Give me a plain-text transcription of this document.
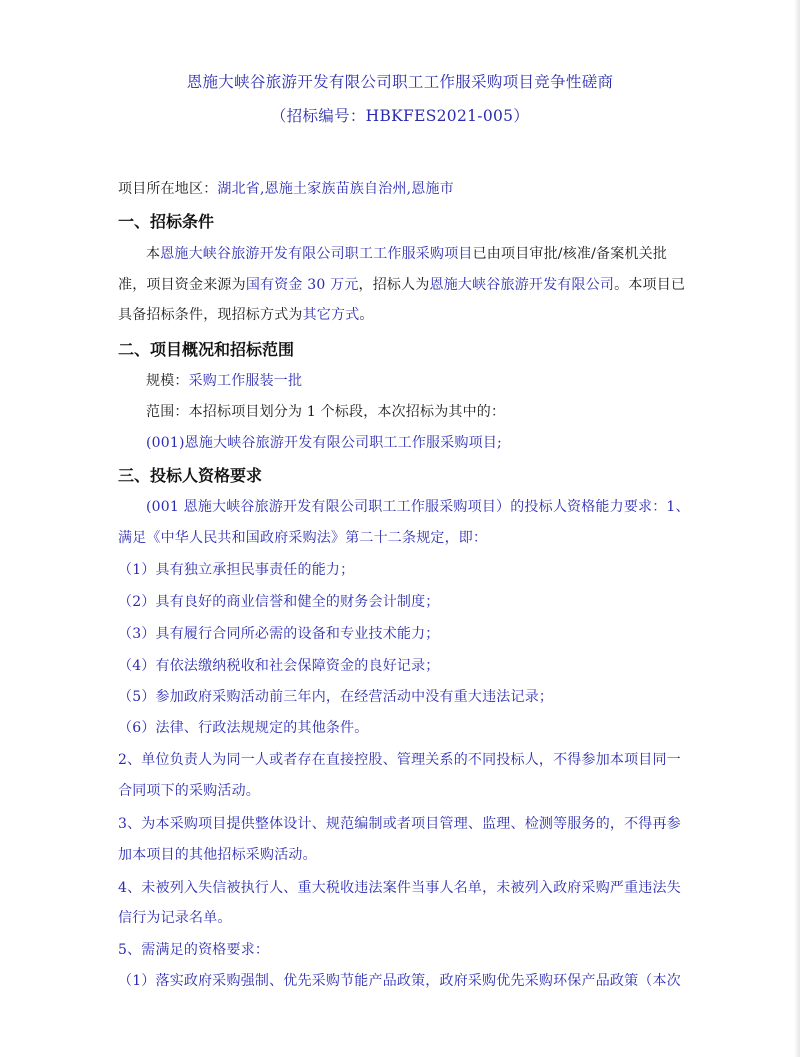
恩施大峡谷旅游开发有限公司职工工作服采购项目竞争性磋商
（招标编号：HBKFES2021-005）
项目所在地区：湖北省,恩施土家族苗族自治州,恩施市
一、招标条件
本恩施大峡谷旅游开发有限公司职工工作服采购项目已由项目审批/核准/备案机关批
准，项目资金来源为国有资金 30 万元，招标人为恩施大峡谷旅游开发有限公司。本项目已
具备招标条件，现招标方式为其它方式。
二、项目概况和招标范围
规模：采购工作服装一批
范围：本招标项目划分为 1 个标段，本次招标为其中的：
(001)恩施大峡谷旅游开发有限公司职工工作服采购项目;
三、投标人资格要求
(001 恩施大峡谷旅游开发有限公司职工工作服采购项目）的投标人资格能力要求：1、
满足《中华人民共和国政府采购法》第二十二条规定，即：
（1）具有独立承担民事责任的能力；
（2）具有良好的商业信誉和健全的财务会计制度；
（3）具有履行合同所必需的设备和专业技术能力；
（4）有依法缴纳税收和社会保障资金的良好记录；
（5）参加政府采购活动前三年内，在经营活动中没有重大违法记录；
（6）法律、行政法规规定的其他条件。
2、单位负责人为同一人或者存在直接控股、管理关系的不同投标人，不得参加本项目同一
合同项下的采购活动。
3、为本采购项目提供整体设计、规范编制或者项目管理、监理、检测等服务的，不得再参
加本项目的其他招标采购活动。
4、未被列入失信被执行人、重大税收违法案件当事人名单，未被列入政府采购严重违法失
信行为记录名单。
5、需满足的资格要求：
（1）落实政府采购强制、优先采购节能产品政策，政府采购优先采购环保产品政策（本次
